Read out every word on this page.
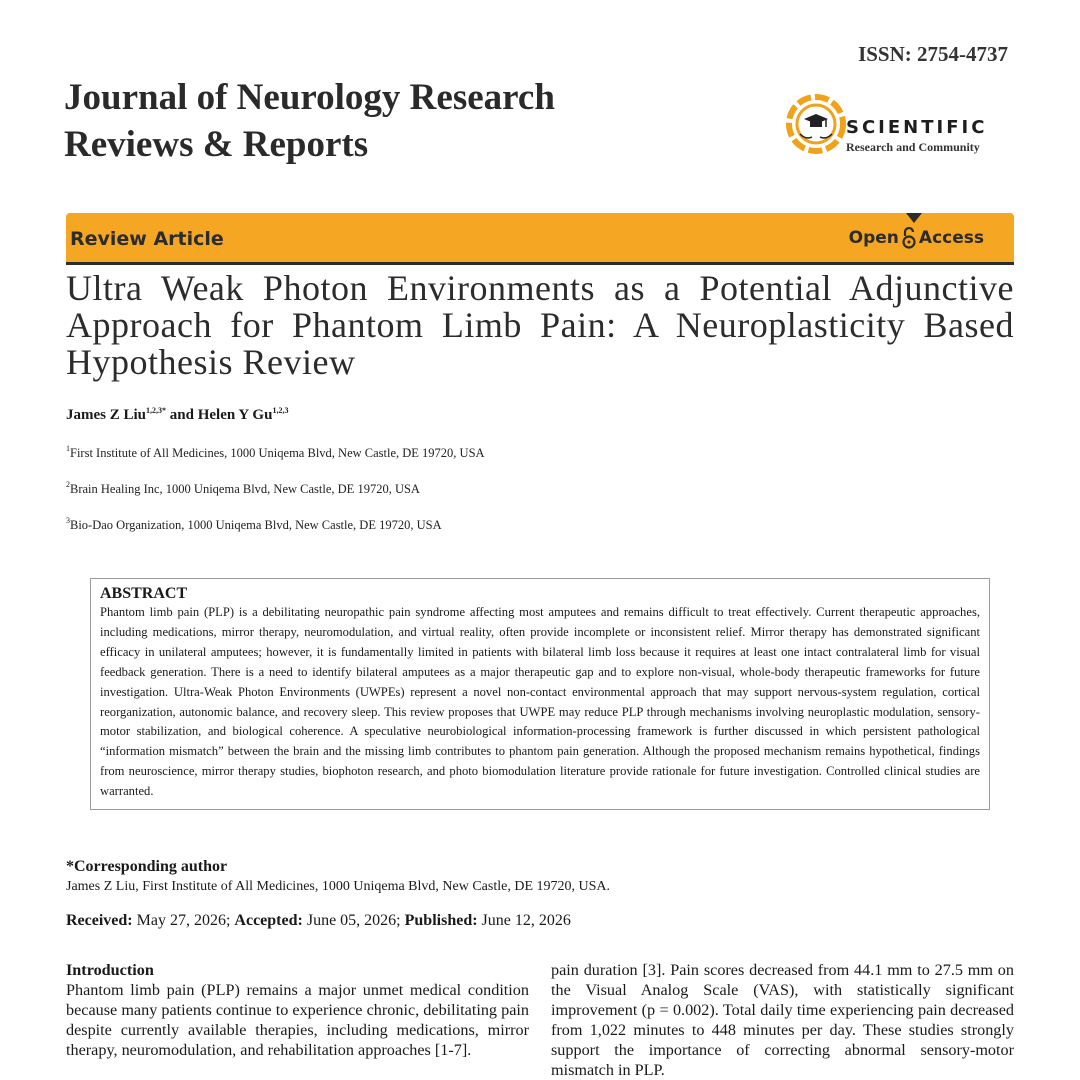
ISSN: 2754-4737
Journal of Neurology Research
Reviews & Reports	SCIENTIFIC
Research and Community
Review Article	Open Access
Ultra Weak Photon Environments as a Potential Adjunctive Approach for Phantom Limb Pain: A Neuroplasticity Based Hypothesis Review
James Z Liu$^{1,2,3*}$ and Helen Y Gu$^{1,2,3}$
$^1$First Institute of All Medicines, 1000 Uniqema Blvd, New Castle, DE 19720, USA
$^2$Brain Healing Inc, 1000 Uniqema Blvd, New Castle, DE 19720, USA
$^3$Bio-Dao Organization, 1000 Uniqema Blvd, New Castle, DE 19720, USA
ABSTRACT

Phantom limb pain (PLP) is a debilitating neuropathic pain syndrome affecting most amputees and remains difficult to treat effectively. Current therapeutic approaches, including medications, mirror therapy, neuromodulation, and virtual reality, often provide incomplete or inconsistent relief. Mirror therapy has demonstrated significant efficacy in unilateral amputees; however, it is fundamentally limited in patients with bilateral limb loss because it requires at least one intact contralateral limb for visual feedback generation. There is a need to identify bilateral amputees as a major therapeutic gap and to explore non-visual, whole-body therapeutic frameworks for future investigation. Ultra-Weak Photon Environments (UWPEs) represent a novel non-contact environmental approach that may support nervous-system regulation, cortical reorganization, autonomic balance, and recovery sleep. This review proposes that UWPE may reduce PLP through mechanisms involving neuroplastic modulation, sensory-motor stabilization, and biological coherence. A speculative neurobiological information-processing framework is further discussed in which persistent pathological “information mismatch” between the brain and the missing limb contributes to phantom pain generation. Although the proposed mechanism remains hypothetical, findings from neuroscience, mirror therapy studies, biophoton research, and photo biomodulation literature provide rationale for future investigation. Controlled clinical studies are warranted.

*Corresponding author
James Z Liu, First Institute of All Medicines, 1000 Uniqema Blvd, New Castle, DE 19720, USA.
Received: May 27, 2026; Accepted: June 05, 2026; Published: June 12, 2026
Introduction
Phantom limb pain (PLP) remains a major unmet medical condition because many patients continue to experience chronic, debilitating pain despite currently available therapies, including medications, mirror therapy, neuromodulation, and rehabilitation approaches [1-7].
pain duration [3]. Pain scores decreased from 44.1 mm to 27.5 mm on the Visual Analog Scale (VAS), with statistically significant improvement (p = 0.002). Total daily time experiencing pain decreased from 1,022 minutes to 448 minutes per day. These studies strongly support the importance of correcting abnormal sensory-motor mismatch in PLP.
